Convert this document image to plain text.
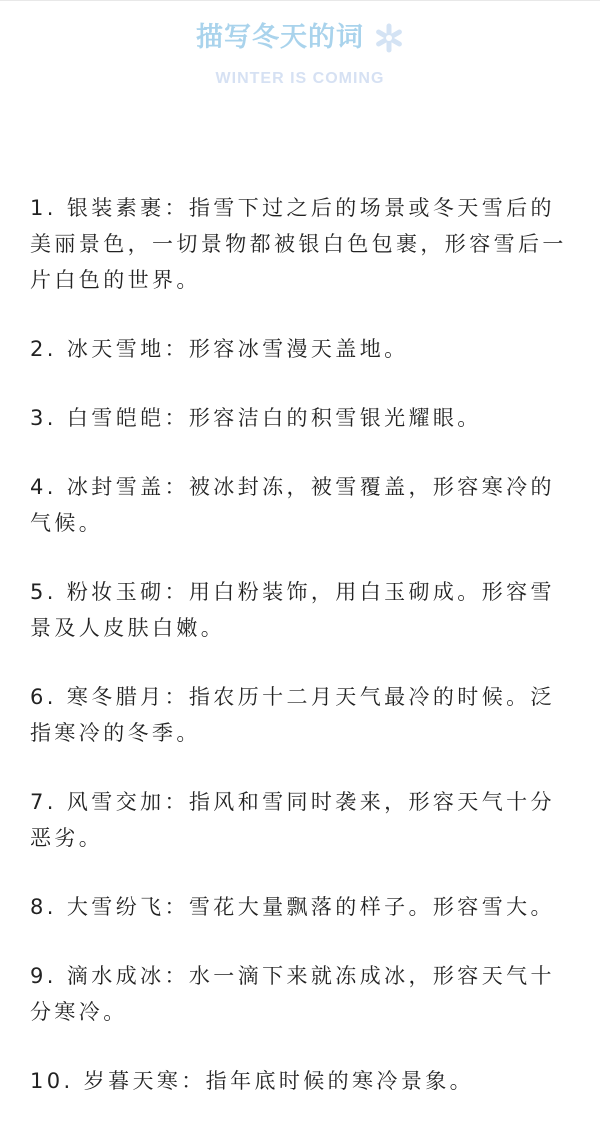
描写冬天的词
WINTER IS COMING
1. 银装素裹：指雪下过之后的场景或冬天雪后的美丽景色，一切景物都被银白色包裹，形容雪后一片白色的世界。
2. 冰天雪地：形容冰雪漫天盖地。
3. 白雪皑皑：形容洁白的积雪银光耀眼。
4. 冰封雪盖：被冰封冻，被雪覆盖，形容寒冷的气候。
5. 粉妆玉砌：用白粉装饰，用白玉砌成。形容雪景及人皮肤白嫩。
6. 寒冬腊月：指农历十二月天气最冷的时候。泛指寒冷的冬季。
7. 风雪交加：指风和雪同时袭来，形容天气十分恶劣。
8. 大雪纷飞：雪花大量飘落的样子。形容雪大。
9. 滴水成冰：水一滴下来就冻成冰，形容天气十分寒冷。
10. 岁暮天寒：指年底时候的寒冷景象。
